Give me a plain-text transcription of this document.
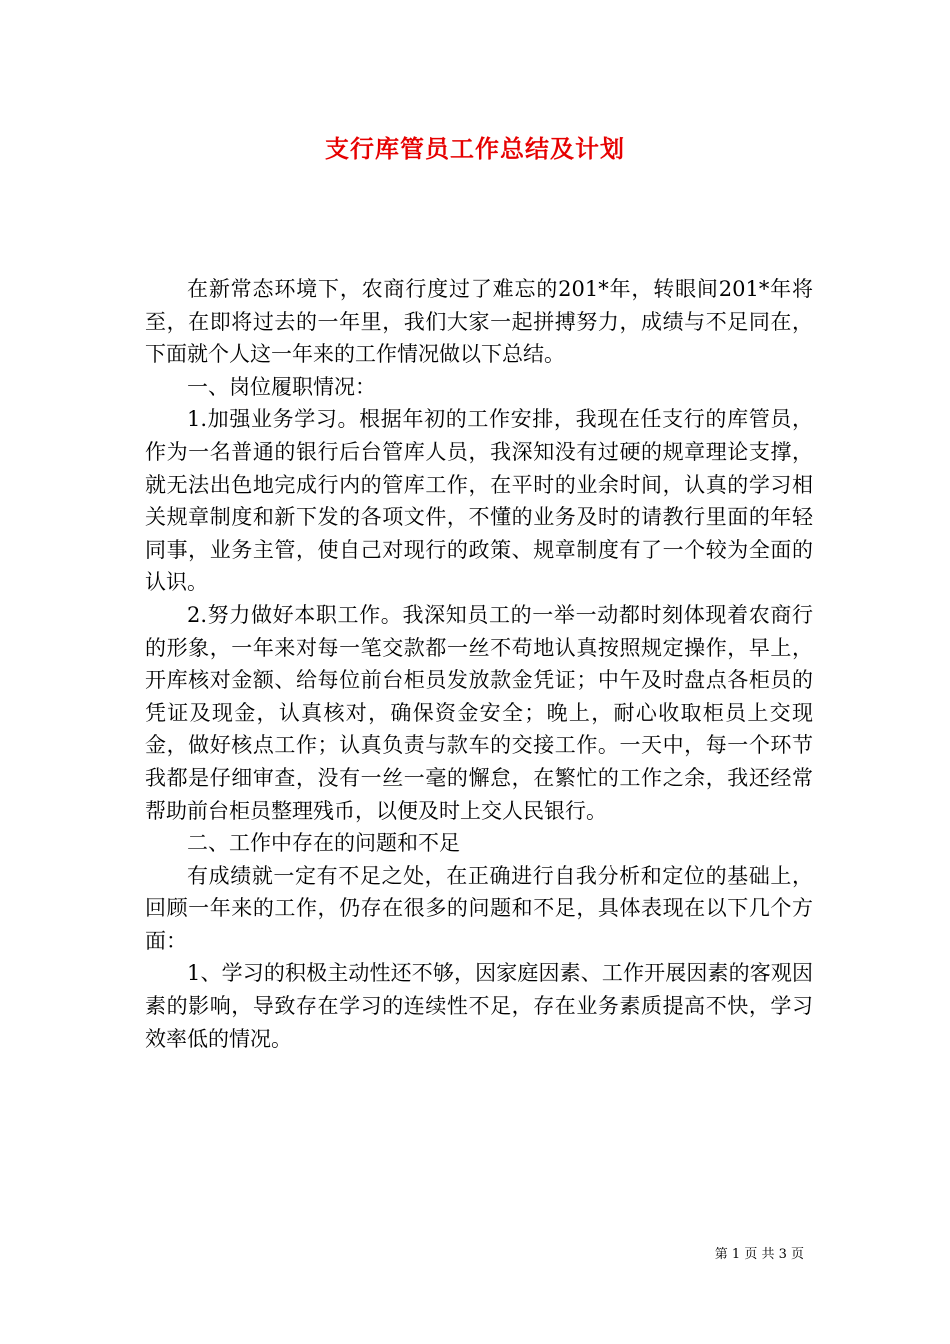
支行库管员工作总结及计划

在新常态环境下，农商行度过了难忘的201*年，转眼间201*年将至，在即将过去的一年里，我们大家一起拼搏努力，成绩与不足同在，下面就个人这一年来的工作情况做以下总结。

一、岗位履职情况：

1.加强业务学习。根据年初的工作安排，我现在任支行的库管员，作为一名普通的银行后台管库人员，我深知没有过硬的规章理论支撑，就无法出色地完成行内的管库工作，在平时的业余时间，认真的学习相关规章制度和新下发的各项文件，不懂的业务及时的请教行里面的年轻同事，业务主管，使自己对现行的政策、规章制度有了一个较为全面的认识。

2.努力做好本职工作。我深知员工的一举一动都时刻体现着农商行的形象，一年来对每一笔交款都一丝不苟地认真按照规定操作，早上，开库核对金额、给每位前台柜员发放款金凭证；中午及时盘点各柜员的凭证及现金，认真核对，确保资金安全；晚上，耐心收取柜员上交现金，做好核点工作；认真负责与款车的交接工作。一天中，每一个环节我都是仔细审查，没有一丝一毫的懈怠，在繁忙的工作之余，我还经常帮助前台柜员整理残币，以便及时上交人民银行。

二、工作中存在的问题和不足

有成绩就一定有不足之处，在正确进行自我分析和定位的基础上，回顾一年来的工作，仍存在很多的问题和不足，具体表现在以下几个方面：

1、学习的积极主动性还不够，因家庭因素、工作开展因素的客观因素的影响，导致存在学习的连续性不足，存在业务素质提高不快，学习效率低的情况。

第 1 页 共 3 页
